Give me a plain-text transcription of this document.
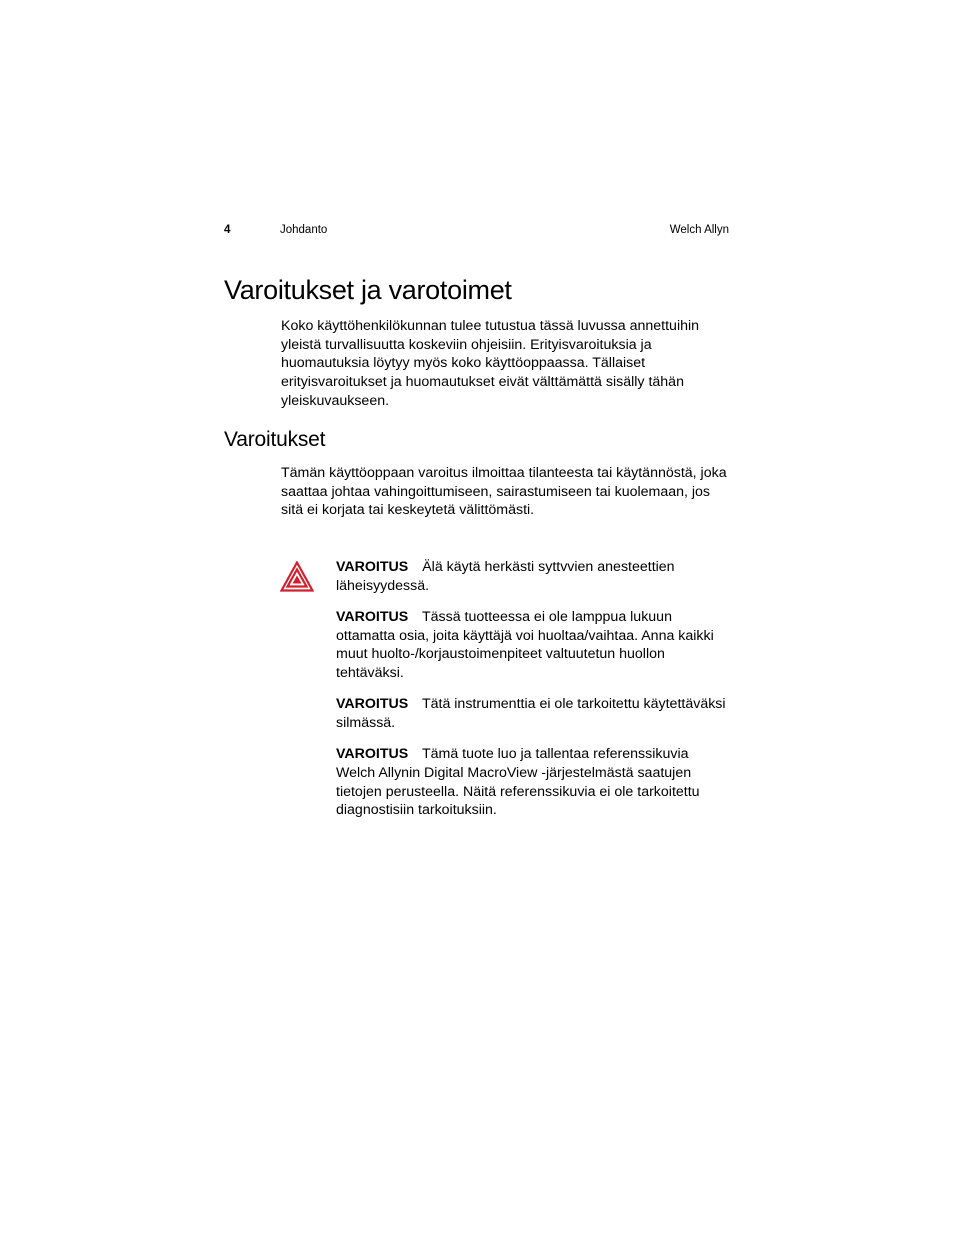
4	Johdanto	Welch Allyn
Varoitukset ja varotoimet

Koko käyttöhenkilökunnan tulee tutustua tässä luvussa annettuihin yleistä turvallisuutta koskeviin ohjeisiin. Erityisvaroituksia ja huomautuksia löytyy myös koko käyttöoppaassa. Tällaiset erityisvaroitukset ja huomautukset eivät välttämättä sisälly tähän yleiskuvaukseen.

Varoitukset

Tämän käyttöoppaan varoitus ilmoittaa tilanteesta tai käytännöstä, joka saattaa johtaa vahingoittumiseen, sairastumiseen tai kuolemaan, jos sitä ei korjata tai keskeytetä välittömästi.

VAROITUS Älä käytä herkästi syttvvien anesteettien läheisyydessä.

VAROITUS Tässä tuotteessa ei ole lamppua lukuun ottamatta osia, joita käyttäjä voi huoltaa/vaihtaa. Anna kaikki muut huolto-/korjaustoimenpiteet valtuutetun huollon tehtäväksi.

VAROITUS Tätä instrumenttia ei ole tarkoitettu käytettäväksi silmässä.

VAROITUS Tämä tuote luo ja tallentaa referenssikuvia Welch Allynin Digital MacroView -järjestelmästä saatujen tietojen perusteella. Näitä referenssikuvia ei ole tarkoitettu diagnostisiin tarkoituksiin.
